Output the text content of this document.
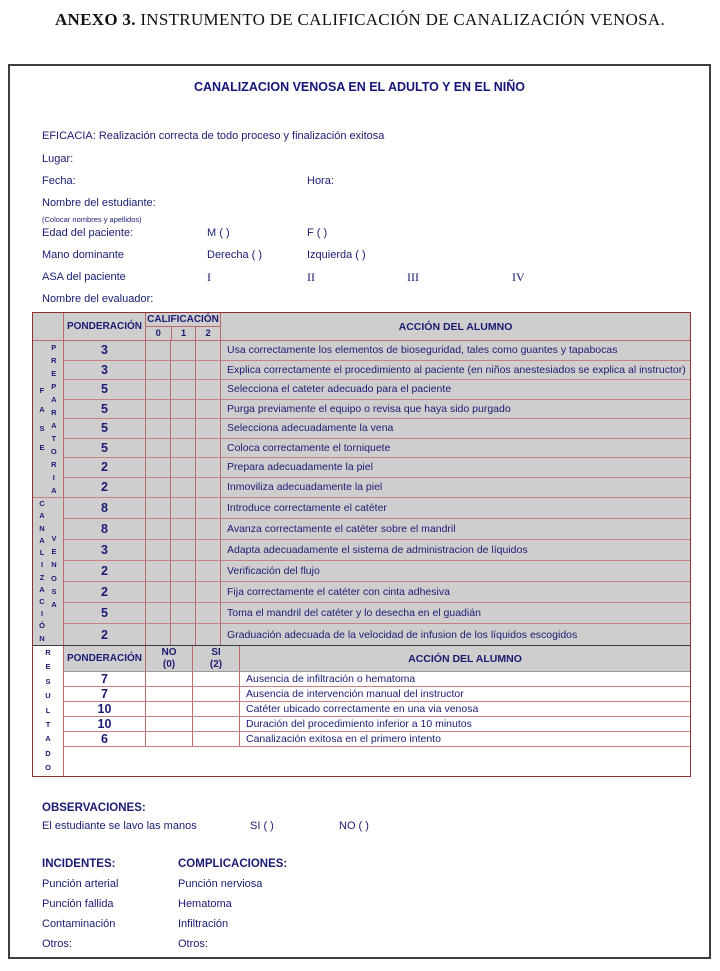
ANEXO 3. INSTRUMENTO DE CALIFICACIÓN DE CANALIZACIÓN VENOSA.
CANALIZACION VENOSA EN EL ADULTO Y EN EL NIÑO
EFICACIA: Realización correcta de todo proceso y finalización exitosa
Lugar:
Fecha:	Hora:
Nombre del estudiante:
(Colocar nombres y apellidos)
Edad del paciente:	M ( )	F ( )
Mano dominante	Derecha ( )	Izquierda ( )
ASA del paciente	I	II	III	IV
Nombre del evaluador:
PONDERACIÓN
CALIFICACIÓN
0	1	2
ACCIÓN DEL ALUMNO
F
A
S
E
P
R
E
P
A
R
A
T
O
R
I
A
3	Usa correctamente los elementos de bioseguridad, tales como guantes y tapabocas
3	Explica correctamente el procedimiento al paciente (en niños anestesiados se explica al instructor)
5	Selecciona el cateter adecuado para el paciente
5	Purga previamente el equipo o revisa que haya sido purgado
5	Selecciona adecuadamente la vena
5	Coloca correctamente el torniquete
2	Prepara adecuadamente la piel
2	Inmoviliza adecuadamente la piel
C
A
N
A
L
I
Z
A
C
I
Ó
N
V
E
N
O
S
A
8	Introduce correctamente el catéter
8	Avanza correctamente el catéter sobre el mandril
3	Adapta adecuadamente el sistema de administracion de líquidos
2	Verificación del flujo
2	Fija correctamente el catéter con cinta adhesiva
5	Toma el mandril del catéter y lo desecha en el guadián
2	Graduación adecuada de la velocidad de infusion de los líquidos escogidos
R
E
S
U
L
T
A
D
O
PONDERACIÓN
NO
(0)
SI
(2)	ACCIÓN DEL ALUMNO
7	Ausencia de infiltración o hematoma
7	Ausencia de intervención manual del instructor
10	Catéter ubicado correctamente en una via venosa
10	Duración del procedimiento inferior a 10 minutos
6	Canalización exitosa en el primero intento
OBSERVACIONES:
El estudiante se lavo las manos	SI ( )	NO ( )
INCIDENTES:	COMPLICACIONES:
Punción arterial
Punción fallida
Contaminación
Otros:
Punción nerviosa
Hematoma
Infiltración
Otros:
